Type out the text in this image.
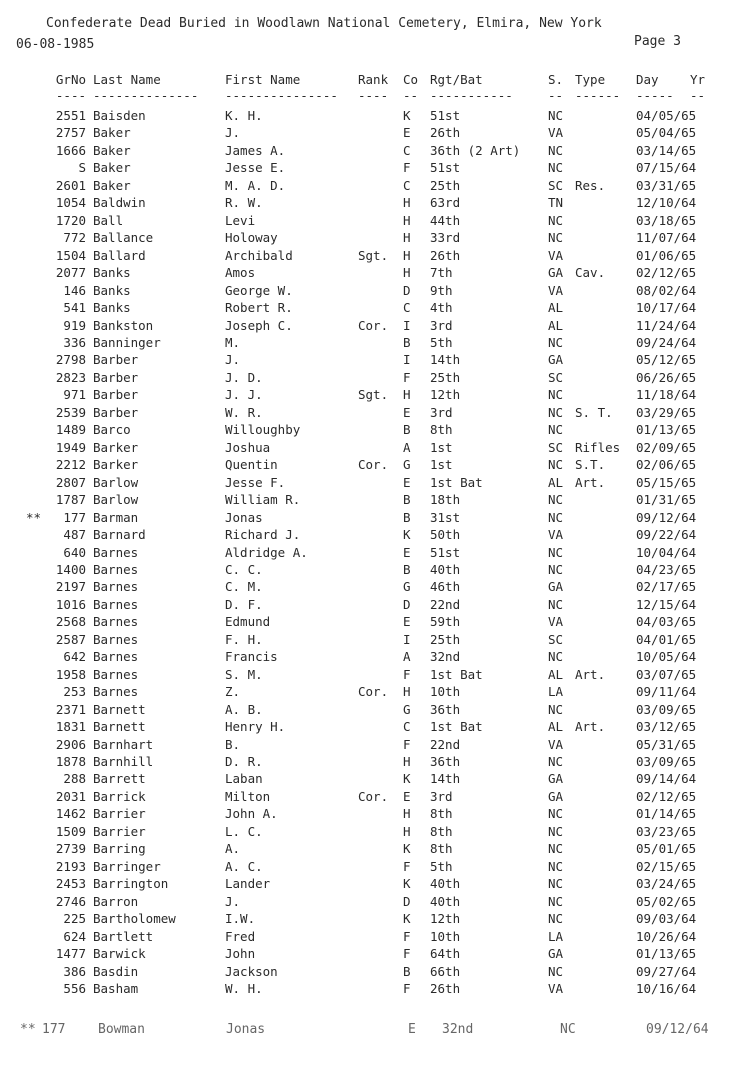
Confederate Dead Buried in Woodlawn National Cemetery, Elmira, New York
06-08-1985	Page 3
GrNo Last Name	First Name	Rank Co Rgt/Bat	S. Type Day	Yr
---- -------------- --------------- ---- -- -----------	-- ------ ----- --
2551 Baisden	K. H.	K 51st	NC	04/05/65
2757 Baker	J.	E 26th	VA	05/04/65
1666 Baker	James A.	C 36th (2 Art) NC	03/14/65
S Baker	Jesse E.	F 51st	NC	07/15/64
2601 Baker	M. A. D.	C 25th	SC Res. 03/31/65
1054 Baldwin	R. W.	H 63rd	TN	12/10/64
1720 Ball	Levi	H 44th	NC	03/18/65
772 Ballance	Holoway	H 33rd	NC	11/07/64
1504 Ballard	Archibald	Sgt. H 26th	VA	01/06/65
2077 Banks	Amos	H 7th	GA Cav. 02/12/65
146 Banks	George W.	D 9th	VA	08/02/64
541 Banks	Robert R.	C 4th	AL	10/17/64
919 Bankston	Joseph C.	Cor. I 3rd	AL	11/24/64
336 Banninger	M.	B 5th	NC	09/24/64
2798 Barber	J.	I 14th	GA	05/12/65
2823 Barber	J. D.	F 25th	SC	06/26/65
971 Barber	J. J.	Sgt. H 12th	NC	11/18/64
2539 Barber	W. R.	E 3rd	NC S. T. 03/29/65
1489 Barco	Willoughby	B 8th	NC	01/13/65
1949 Barker	Joshua	A 1st	SC Rifles 02/09/65
2212 Barker	Quentin	Cor. G 1st	NC S.T. 02/06/65
2807 Barlow	Jesse F.	E 1st Bat	AL Art. 05/15/65
1787 Barlow	William R.	B 18th	NC	01/31/65
** 177 Barman	Jonas	B 31st	NC	09/12/64
487 Barnard	Richard J.	K 50th	VA	09/22/64
640 Barnes	Aldridge A.	E 51st	NC	10/04/64
1400 Barnes	C. C.	B 40th	NC	04/23/65
2197 Barnes	C. M.	G 46th	GA	02/17/65
1016 Barnes	D. F.	D 22nd	NC	12/15/64
2568 Barnes	Edmund	E 59th	VA	04/03/65
2587 Barnes	F. H.	I 25th	SC	04/01/65
642 Barnes	Francis	A 32nd	NC	10/05/64
1958 Barnes	S. M.	F 1st Bat	AL Art. 03/07/65
253 Barnes	Z.	Cor. H 10th	LA	09/11/64
2371 Barnett	A. B.	G 36th	NC	03/09/65
1831 Barnett	Henry H.	C 1st Bat	AL Art. 03/12/65
2906 Barnhart	B.	F 22nd	VA	05/31/65
1878 Barnhill	D. R.	H 36th	NC	03/09/65
288 Barrett	Laban	K 14th	GA	09/14/64
2031 Barrick	Milton	Cor. E 3rd	GA	02/12/65
1462 Barrier	John A.	H 8th	NC	01/14/65
1509 Barrier	L. C.	H 8th	NC	03/23/65
2739 Barring	A.	K 8th	NC	05/01/65
2193 Barringer	A. C.	F 5th	NC	02/15/65
2453 Barrington	Lander	K 40th	NC	03/24/65
2746 Barron	J.	D 40th	NC	05/02/65
225 Bartholomew	I.W.	K 12th	NC	09/03/64
624 Bartlett	Fred	F 10th	LA	10/26/64
1477 Barwick	John	F 64th	GA	01/13/65
386 Basdin	Jackson	B 66th	NC	09/27/64
556 Basham	W. H.	F 26th	VA	10/16/64
** 177	Bowman	Jonas	E 32nd	NC	09/12/64
